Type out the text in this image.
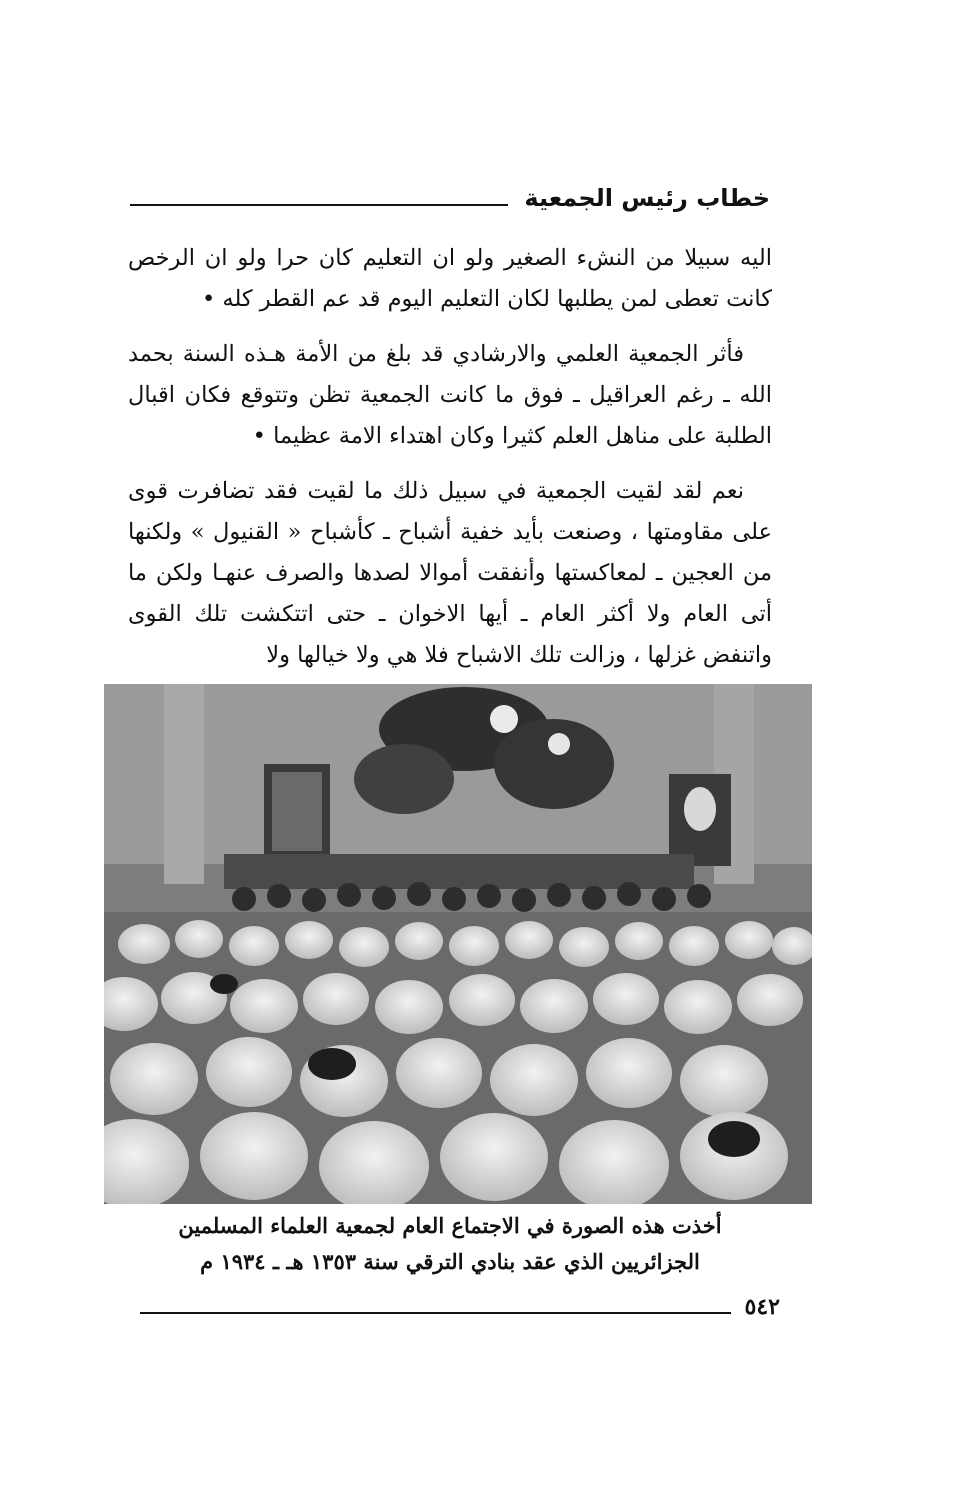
خطاب رئيس الجمعية

اليه سبيلا من النشء الصغير ولو ان التعليم كان حرا ولو ان الرخص كانت تعطى لمن يطلبها لكان التعليم اليوم قد عم القطر كله •

فأثر الجمعية العلمي والارشادي قد بلغ من الأمة هـذه السنة بحمد الله ـ رغم العراقيل ـ فوق ما كانت الجمعية تظن وتتوقع فكان اقبال الطلبة على مناهل العلم كثيرا وكان اهتداء الامة عظيما •

نعم لقد لقيت الجمعية في سبيل ذلك ما لقيت فقد تضافرت قوى على مقاومتها ، وصنعت بأيد خفية أشباح ـ كأشباح « القنيول » ولكنها من العجين ـ لمعاكستها وأنفقت أموالا لصدها والصرف عنهـا ولكن ما أتى العام ولا أكثر العام ـ أيها الاخوان ـ حتى اتتكشت تلك القوى واتنفض غزلها ، وزالت تلك الاشباح فلا هي ولا خيالها ولا

أخذت هذه الصورة في الاجتماع العام لجمعية العلماء المسلمين
الجزائريين الذي عقد بنادي الترقي سنة ١٣٥٣ هـ ـ ١٩٣٤ م
٥٤٢
